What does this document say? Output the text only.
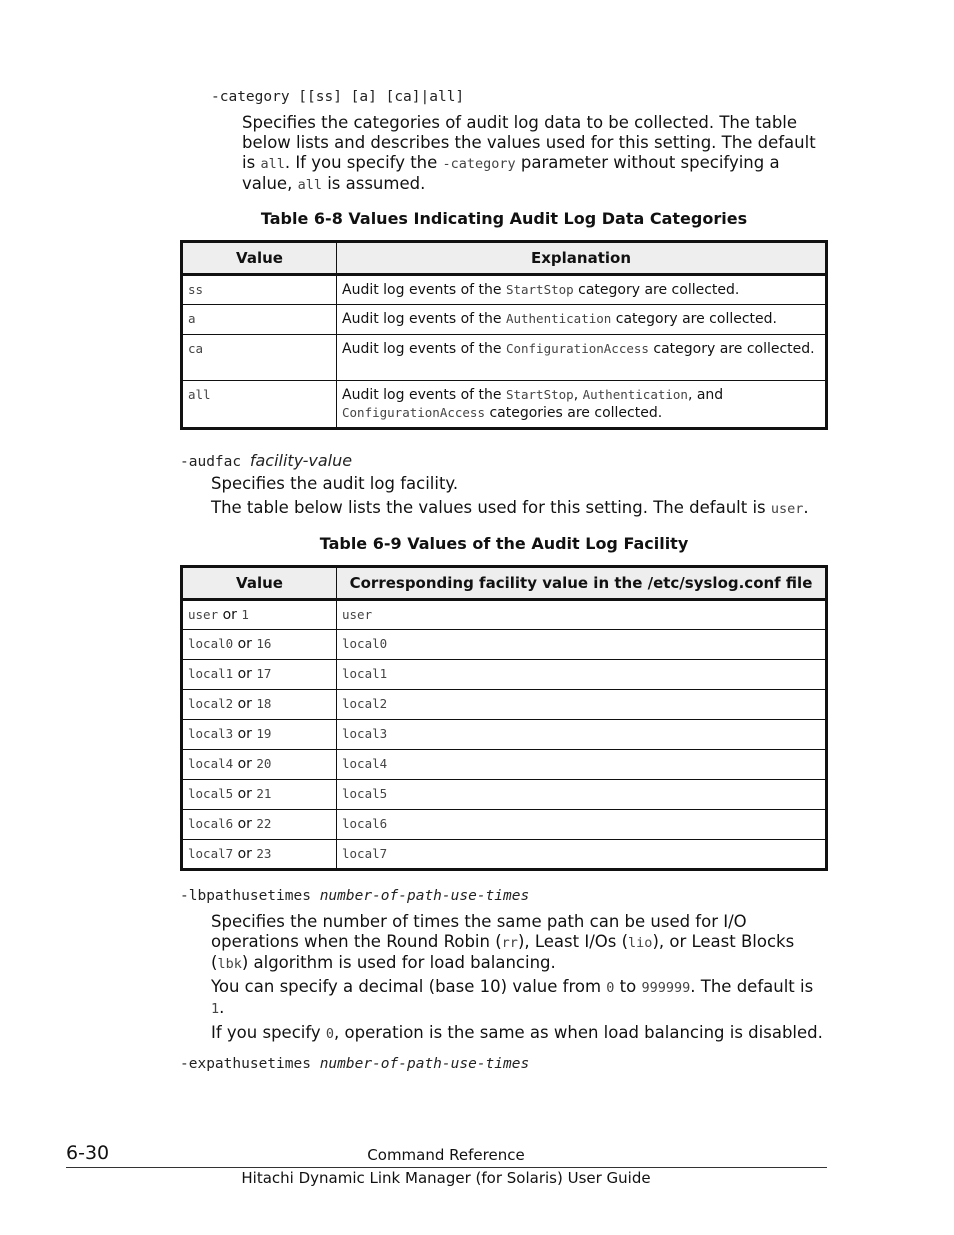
-category [[ss] [a] [ca]|all]
Specifies the categories of audit log data to be collected. The table below lists and describes the values used for this setting. The default is all. If you specify the -category parameter without specifying a value, all is assumed.
Table 6-8 Values Indicating Audit Log Data Categories
Value	Explanation
ss	Audit log events of the StartStop category are collected.
a	Audit log events of the Authentication category are collected.
ca	Audit log events of the ConfigurationAccess category are collected.
all	Audit log events of the StartStop, Authentication, and
ConfigurationAccess categories are collected.
-audfac facility-value
Specifies the audit log facility.
The table below lists the values used for this setting. The default is user.
Table 6-9 Values of the Audit Log Facility
Value	Corresponding facility value in the /etc/syslog.conf file
user or 1	user
local0 or 16	local0
local1 or 17	local1
local2 or 18	local2
local3 or 19	local3
local4 or 20	local4
local5 or 21	local5
local6 or 22	local6
local7 or 23	local7
-lbpathusetimes number-of-path-use-times
Specifies the number of times the same path can be used for I/O operations when the Round Robin (rr), Least I/Os (lio), or Least Blocks (lbk) algorithm is used for load balancing.
You can specify a decimal (base 10) value from 0 to 999999. The default is 1.
If you specify 0, operation is the same as when load balancing is disabled.
-expathusetimes number-of-path-use-times
6-30	Command Reference
Hitachi Dynamic Link Manager (for Solaris) User Guide
